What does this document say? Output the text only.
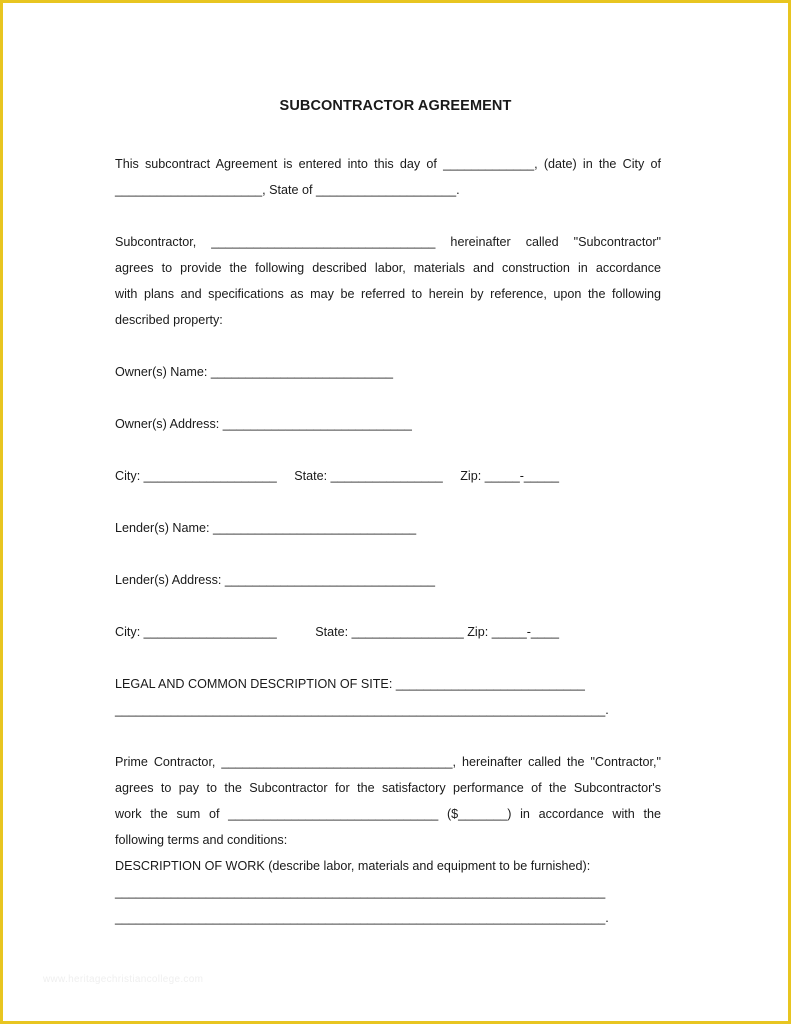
SUBCONTRACTOR AGREEMENT
This subcontract Agreement is entered into this day of _____________, (date) in the City of
_____________________, State of ____________________.
Subcontractor, ________________________________ hereinafter called "Subcontractor"
agrees to provide the following described labor, materials and construction in accordance
with plans and specifications as may be referred to herein by reference, upon the following
described property:
Owner(s) Name: __________________________
Owner(s) Address: ___________________________
City: ___________________     State: ________________     Zip: _____-_____
Lender(s) Name: _____________________________
Lender(s) Address: ______________________________
City: ___________________           State: ________________ Zip: _____-____
LEGAL AND COMMON DESCRIPTION OF SITE: ___________________________
______________________________________________________________________.
Prime Contractor, _________________________________, hereinafter called the "Contractor,"
agrees to pay to the Subcontractor for the satisfactory performance of the Subcontractor's
work the sum of ______________________________ ($_______) in accordance with the
following terms and conditions:
DESCRIPTION OF WORK (describe labor, materials and equipment to be furnished):
______________________________________________________________________
______________________________________________________________________.
www.heritagechristiancollege.com
